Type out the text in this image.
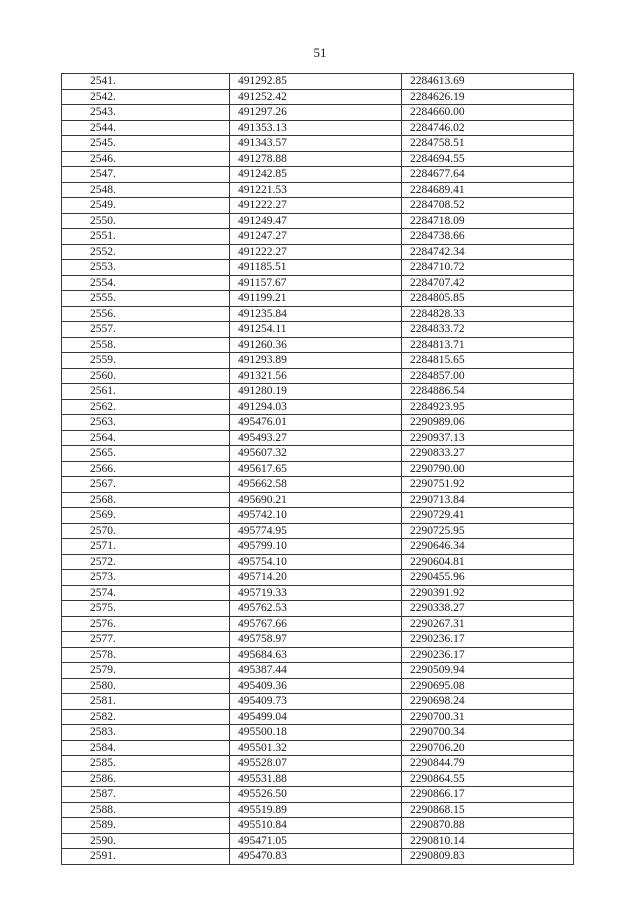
51
2541.	491292.85	2284613.69
2542.	491252.42	2284626.19
2543.	491297.26	2284660.00
2544.	491353.13	2284746.02
2545.	491343.57	2284758.51
2546.	491278.88	2284694.55
2547.	491242.85	2284677.64
2548.	491221.53	2284689.41
2549.	491222.27	2284708.52
2550.	491249.47	2284718.09
2551.	491247.27	2284738.66
2552.	491222.27	2284742.34
2553.	491185.51	2284710.72
2554.	491157.67	2284707.42
2555.	491199.21	2284805.85
2556.	491235.84	2284828.33
2557.	491254.11	2284833.72
2558.	491260.36	2284813.71
2559.	491293.89	2284815.65
2560.	491321.56	2284857.00
2561.	491280.19	2284886.54
2562.	491294.03	2284923.95
2563.	495476.01	2290989.06
2564.	495493.27	2290937.13
2565.	495607.32	2290833.27
2566.	495617.65	2290790.00
2567.	495662.58	2290751.92
2568.	495690.21	2290713.84
2569.	495742.10	2290729.41
2570.	495774.95	2290725.95
2571.	495799.10	2290646.34
2572.	495754.10	2290604.81
2573.	495714.20	2290455.96
2574.	495719.33	2290391.92
2575.	495762.53	2290338.27
2576.	495767.66	2290267.31
2577.	495758.97	2290236.17
2578.	495684.63	2290236.17
2579.	495387.44	2290509.94
2580.	495409.36	2290695.08
2581.	495409.73	2290698.24
2582.	495499.04	2290700.31
2583.	495500.18	2290700.34
2584.	495501.32	2290706.20
2585.	495528.07	2290844.79
2586.	495531.88	2290864.55
2587.	495526.50	2290866.17
2588.	495519.89	2290868.15
2589.	495510.84	2290870.88
2590.	495471.05	2290810.14
2591.	495470.83	2290809.83
